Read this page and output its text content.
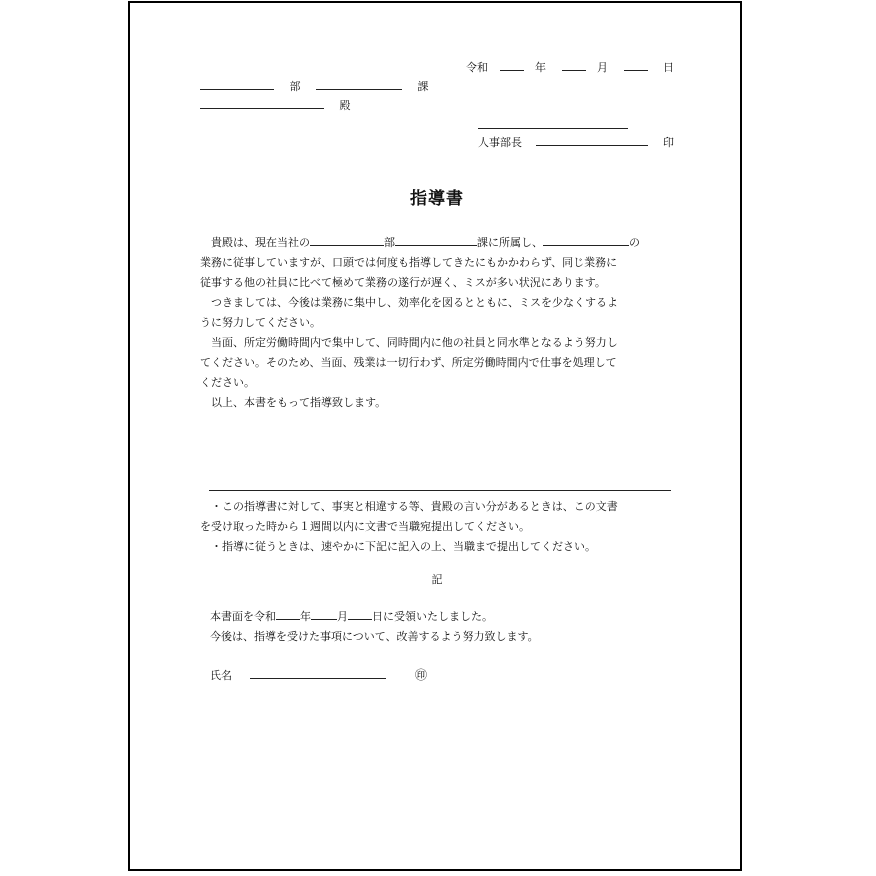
令和	年	月	日
部	課
殿
人事部長	印
指導書

　貴殿は、現在当社の	部	課に所属し、	の

業務に従事していますが、口頭では何度も指導してきたにもかかわらず、同じ業務に

従事する他の社員に比べて極めて業務の遂行が遅く、ミスが多い状況にあります。

　つきましては、今後は業務に集中し、効率化を図るとともに、ミスを少なくするよ

うに努力してください。

　当面、所定労働時間内で集中して、同時間内に他の社員と同水準となるよう努力し

てください。そのため、当面、残業は一切行わず、所定労働時間内で仕事を処理して

ください。

　以上、本書をもって指導致します。

　・この指導書に対して、事実と相違する等、貴殿の言い分があるときは、この文書

を受け取った時から１週間以内に文書で当職宛提出してください。

　・指導に従うときは、速やかに下記に記入の上、当職まで提出してください。

記

本書面を令和 年 月 日に受領いたしました。

今後は、指導を受けた事項について、改善するよう努力致します。

氏名	㊞
